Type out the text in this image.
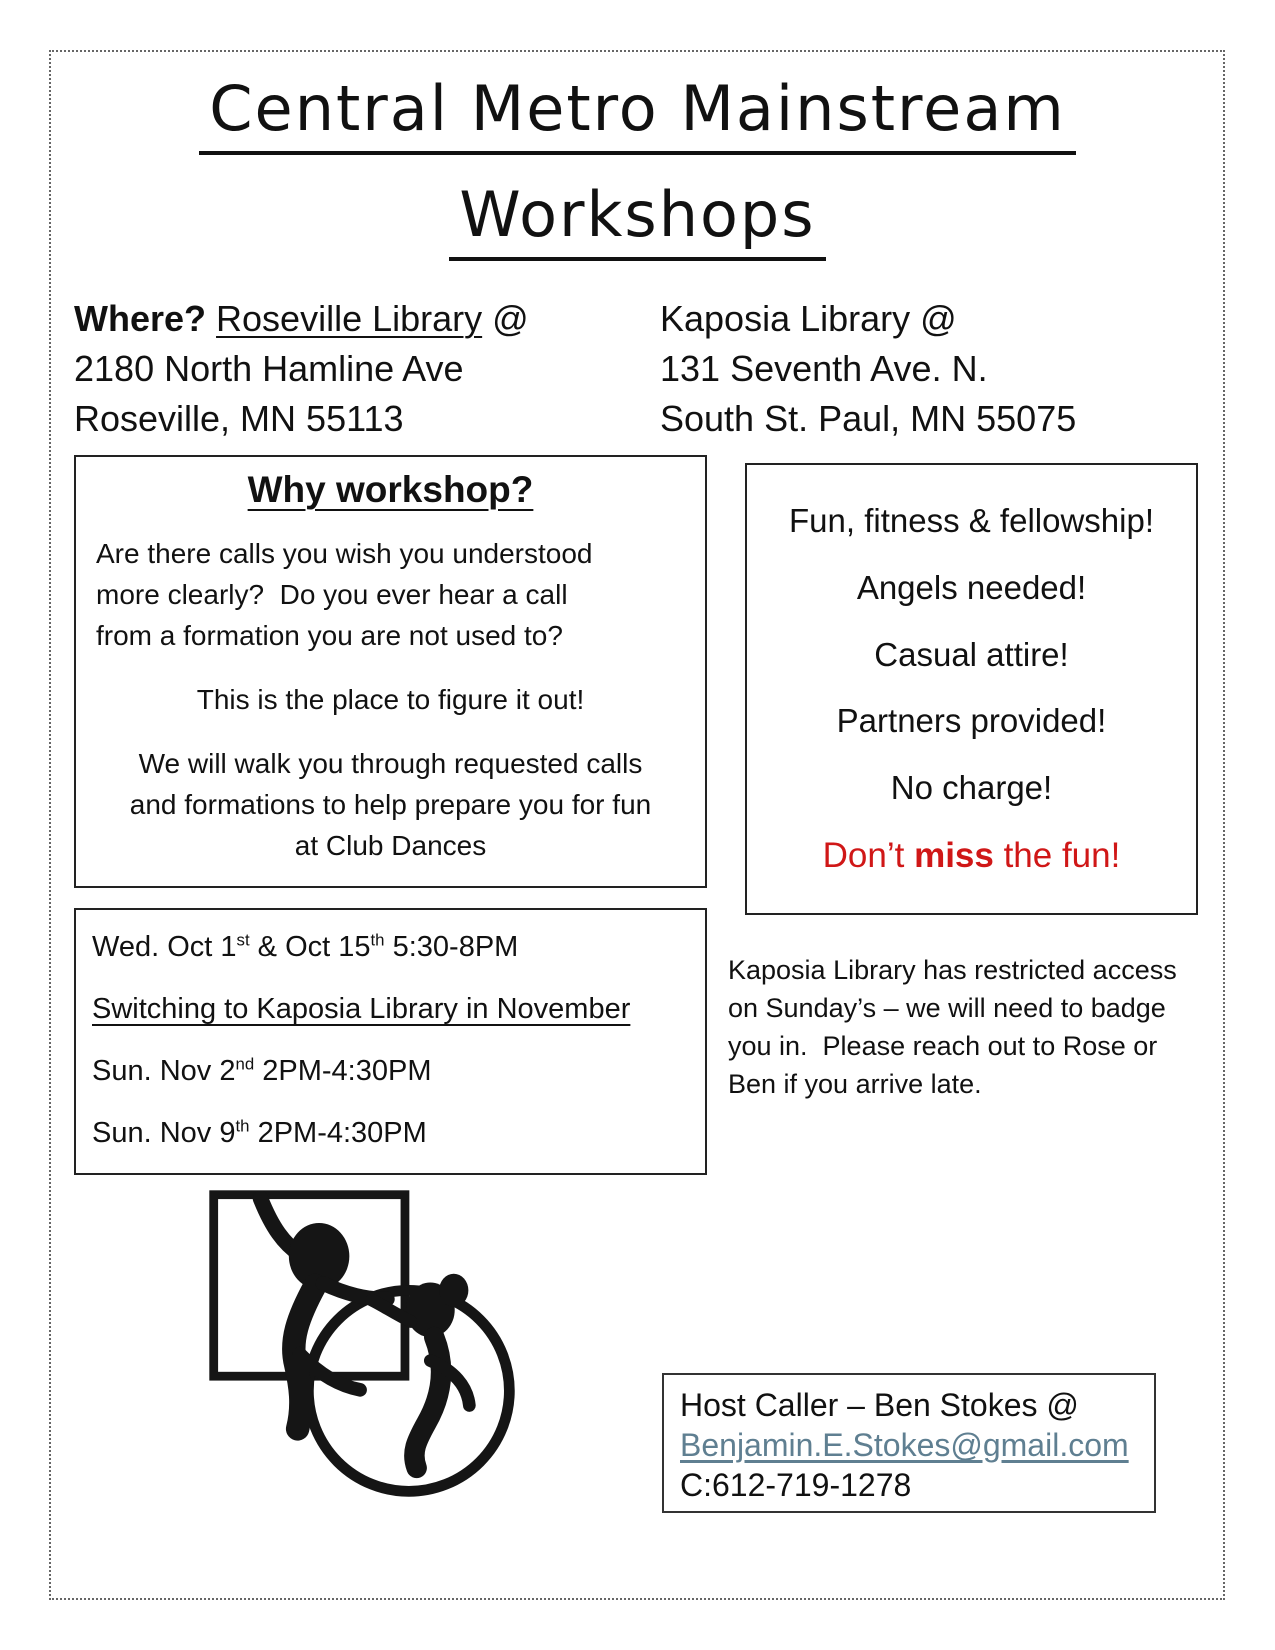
Central Metro Mainstream
Workshops
Where? Roseville Library @
2180 North Hamline Ave
Roseville, MN 55113
Kaposia Library @
131 Seventh Ave. N.
South St. Paul, MN 55075
Why workshop?

Are there calls you wish you understood
more clearly?  Do you ever hear a call
from a formation you are not used to?

This is the place to figure it out!

We will walk you through requested calls
and formations to help prepare you for fun
at Club Dances

Fun, fitness & fellowship!
Angels needed!
Casual attire!
Partners provided!
No charge!
Don’t miss the fun!
Wed. Oct 1st & Oct 15th 5:30-8PM
Switching to Kaposia Library in November
Sun. Nov 2nd 2PM-4:30PM
Sun. Nov 9th 2PM-4:30PM

Kaposia Library has restricted access
on Sunday’s – we will need to badge
you in.  Please reach out to Rose or
Ben if you arrive late.

Host Caller – Ben Stokes @
Benjamin.E.Stokes@gmail.com
C:612-719-1278
